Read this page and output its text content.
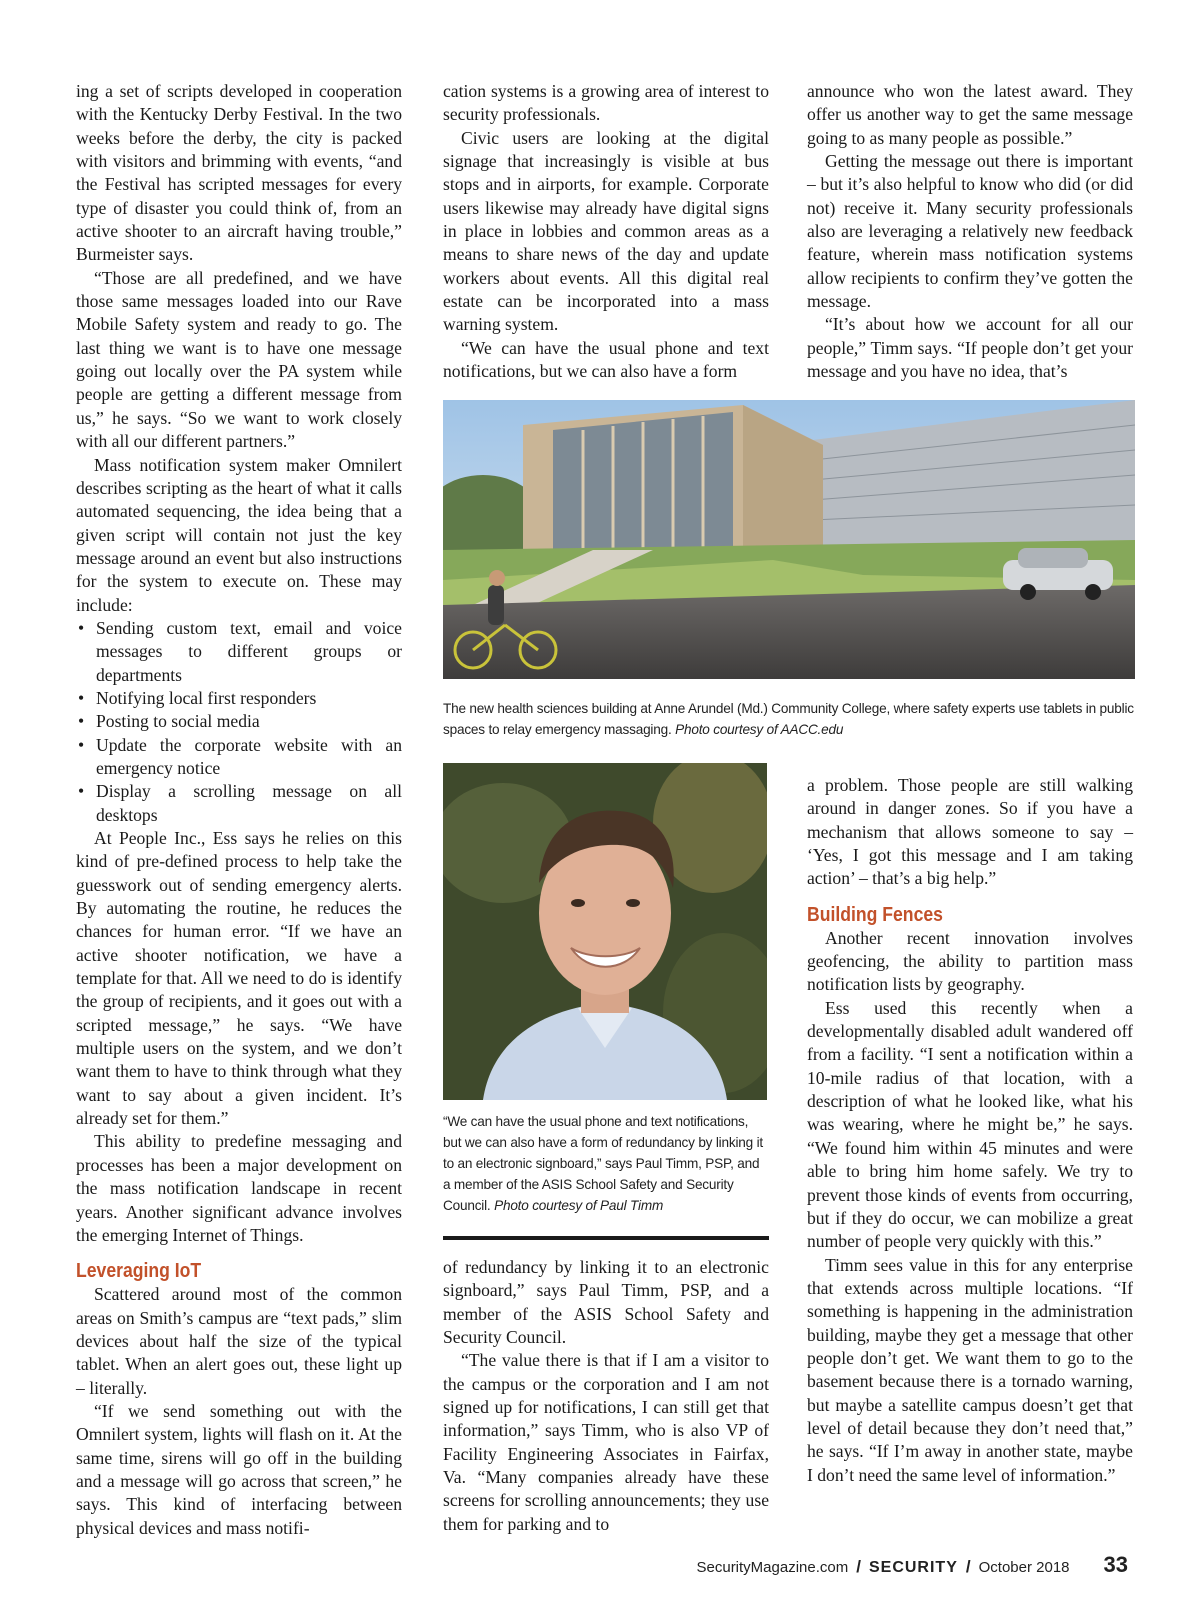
ing a set of scripts developed in cooperation with the Kentucky Derby Festival. In the two weeks before the derby, the city is packed with visitors and brimming with events, “and the Festival has scripted messages for every type of disaster you could think of, from an active shooter to an aircraft having trouble,” Burmeister says.

“Those are all predefined, and we have those same messages loaded into our Rave Mobile Safety system and ready to go. The last thing we want is to have one message going out locally over the PA system while people are getting a different message from us,” he says. “So we want to work closely with all our different partners.”

Mass notification system maker Omnilert describes scripting as the heart of what it calls automated sequencing, the idea being that a given script will contain not just the key message around an event but also instructions for the system to execute on. These may include:

• Sending custom text, email and voice messages to different groups or departments
• Notifying local first responders
• Posting to social media
• Update the corporate website with an emergency notice
• Display a scrolling message on all desktops

At People Inc., Ess says he relies on this kind of pre-defined process to help take the guesswork out of sending emergency alerts. By automating the routine, he reduces the chances for human error. “If we have an active shooter notification, we have a template for that. All we need to do is identify the group of recipients, and it goes out with a scripted message,” he says. “We have multiple users on the system, and we don’t want them to have to think through what they want to say about a given incident. It’s already set for them.”

This ability to predefine messaging and processes has been a major development on the mass notification landscape in recent years. Another significant advance involves the emerging Internet of Things.

Leveraging IoT

Scattered around most of the common areas on Smith’s campus are “text pads,” slim devices about half the size of the typical tablet. When an alert goes out, these light up – literally.

“If we send something out with the Omnilert system, lights will flash on it. At the same time, sirens will go off in the building and a message will go across that screen,” he says. This kind of interfacing between physical devices and mass notifi-

cation systems is a growing area of interest to security professionals.

Civic users are looking at the digital signage that increasingly is visible at bus stops and in airports, for example. Corporate users likewise may already have digital signs in place in lobbies and common areas as a means to share news of the day and update workers about events. All this digital real estate can be incorporated into a mass warning system.

“We can have the usual phone and text notifications, but we can also have a form

announce who won the latest award. They offer us another way to get the same message going to as many people as possible.”

Getting the message out there is important – but it’s also helpful to know who did (or did not) receive it. Many security professionals also are leveraging a relatively new feedback feature, wherein mass notification systems allow recipients to confirm they’ve gotten the message.

“It’s about how we account for all our people,” Timm says. “If people don’t get your message and you have no idea, that’s

The new health sciences building at Anne Arundel (Md.) Community College, where safety experts use tablets in public spaces to relay emergency massaging. Photo courtesy of AACC.edu
“We can have the usual phone and text notifications, but we can also have a form of redundancy by linking it to an electronic signboard,” says Paul Timm, PSP, and a member of the ASIS School Safety and Security Council. Photo courtesy of Paul Timm

of redundancy by linking it to an electronic signboard,” says Paul Timm, PSP, and a member of the ASIS School Safety and Security Council.

“The value there is that if I am a visitor to the campus or the corporation and I am not signed up for notifications, I can still get that information,” says Timm, who is also VP of Facility Engineering Associates in Fairfax, Va. “Many companies already have these screens for scrolling announcements; they use them for parking and to

a problem. Those people are still walking around in danger zones. So if you have a mechanism that allows someone to say – ‘Yes, I got this message and I am taking action’ – that’s a big help.”

Building Fences

Another recent innovation involves geofencing, the ability to partition mass notification lists by geography.

Ess used this recently when a developmentally disabled adult wandered off from a facility. “I sent a notification within a 10-mile radius of that location, with a description of what he looked like, what his was wearing, where he might be,” he says. “We found him within 45 minutes and were able to bring him home safely. We try to prevent those kinds of events from occurring, but if they do occur, we can mobilize a great number of people very quickly with this.”

Timm sees value in this for any enterprise that extends across multiple locations. “If something is happening in the administration building, maybe they get a message that other people don’t get. We want them to go to the basement because there is a tornado warning, but maybe a satellite campus doesn’t get that level of detail because they don’t need that,” he says. “If I’m away in another state, maybe I don’t need the same level of information.”

SecurityMagazine.com / SECURITY / October 2018 33
